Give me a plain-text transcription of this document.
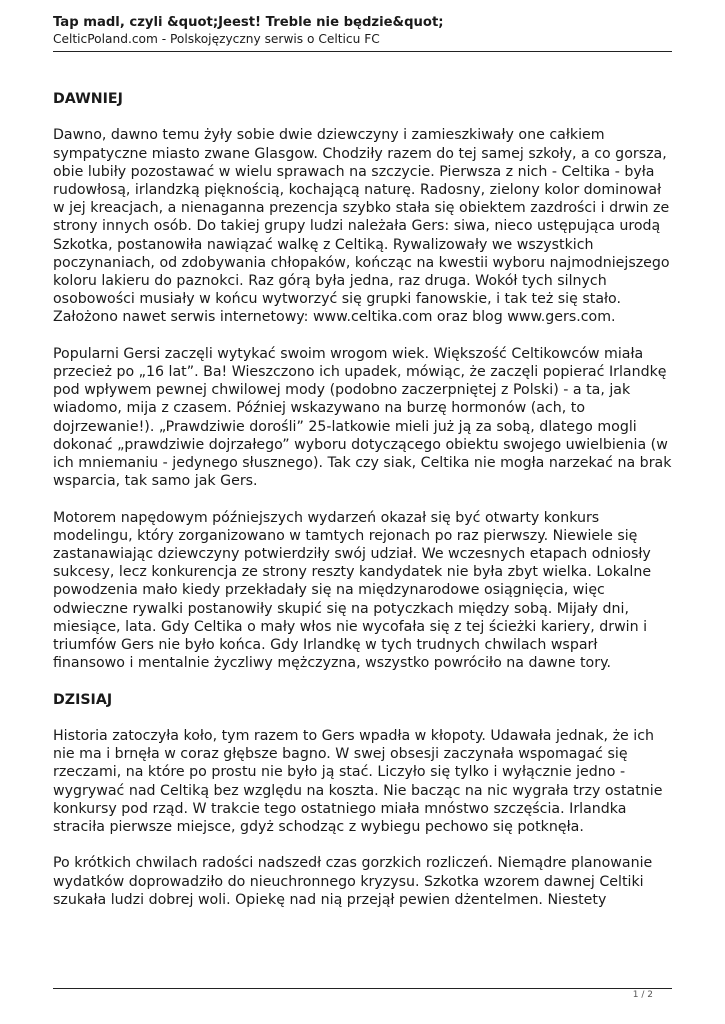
Tap madl, czyli &quot;Jeest! Treble nie będzie&quot;
CelticPoland.com - Polskojęzyczny serwis o Celticu FC
DAWNIEJ

Dawno, dawno temu żyły sobie dwie dziewczyny i zamieszkiwały one całkiem sympatyczne miasto zwane Glasgow. Chodziły razem do tej samej szkoły, a co gorsza, obie lubiły pozostawać w wielu sprawach na szczycie. Pierwsza z nich - Celtika - była rudowłosą, irlandzką pięknością, kochającą naturę. Radosny, zielony kolor dominował w jej kreacjach, a nienaganna prezencja szybko stała się obiektem zazdrości i drwin ze strony innych osób. Do takiej grupy ludzi należała Gers: siwa, nieco ustępująca urodą Szkotka, postanowiła nawiązać walkę z Celtiką. Rywalizowały we wszystkich poczynaniach, od zdobywania chłopaków, kończąc na kwestii wyboru najmodniejszego koloru lakieru do paznokci. Raz górą była jedna, raz druga. Wokół tych silnych osobowości musiały w końcu wytworzyć się grupki fanowskie, i tak też się stało. Założono nawet serwis internetowy: www.celtika.com oraz blog www.gers.com.

Popularni Gersi zaczęli wytykać swoim wrogom wiek. Większość Celtikowców miała przecież po „16 lat”. Ba! Wieszczono ich upadek, mówiąc, że zaczęli popierać Irlandkę pod wpływem pewnej chwilowej mody (podobno zaczerpniętej z Polski) - a ta, jak wiadomo, mija z czasem. Później wskazywano na burzę hormonów (ach, to dojrzewanie!). „Prawdziwie dorośli” 25-latkowie mieli już ją za sobą, dlatego mogli dokonać „prawdziwie dojrzałego” wyboru dotyczącego obiektu swojego uwielbienia (w ich mniemaniu - jedynego słusznego). Tak czy siak, Celtika nie mogła narzekać na brak wsparcia, tak samo jak Gers.

Motorem napędowym późniejszych wydarzeń okazał się być otwarty konkurs modelingu, który zorganizowano w tamtych rejonach po raz pierwszy. Niewiele się zastanawiając dziewczyny potwierdziły swój udział. We wczesnych etapach odniosły sukcesy, lecz konkurencja ze strony reszty kandydatek nie była zbyt wielka. Lokalne powodzenia mało kiedy przekładały się na międzynarodowe osiągnięcia, więc odwieczne rywalki postanowiły skupić się na potyczkach między sobą. Mijały dni, miesiące, lata. Gdy Celtika o mały włos nie wycofała się z tej ścieżki kariery, drwin i triumfów Gers nie było końca. Gdy Irlandkę w tych trudnych chwilach wsparł finansowo i mentalnie życzliwy mężczyzna, wszystko powróciło na dawne tory.

DZISIAJ

Historia zatoczyła koło, tym razem to Gers wpadła w kłopoty. Udawała jednak, że ich nie ma i brnęła w coraz głębsze bagno. W swej obsesji zaczynała wspomagać się rzeczami, na które po prostu nie było ją stać. Liczyło się tylko i wyłącznie jedno - wygrywać nad Celtiką bez względu na koszta. Nie bacząc na nic wygrała trzy ostatnie konkursy pod rząd. W trakcie tego ostatniego miała mnóstwo szczęścia. Irlandka straciła pierwsze miejsce, gdyż schodząc z wybiegu pechowo się potknęła.

Po krótkich chwilach radości nadszedł czas gorzkich rozliczeń. Niemądre planowanie wydatków doprowadziło do nieuchronnego kryzysu. Szkotka wzorem dawnej Celtiki szukała ludzi dobrej woli. Opiekę nad nią przejął pewien dżentelmen. Niestety

1 / 2
